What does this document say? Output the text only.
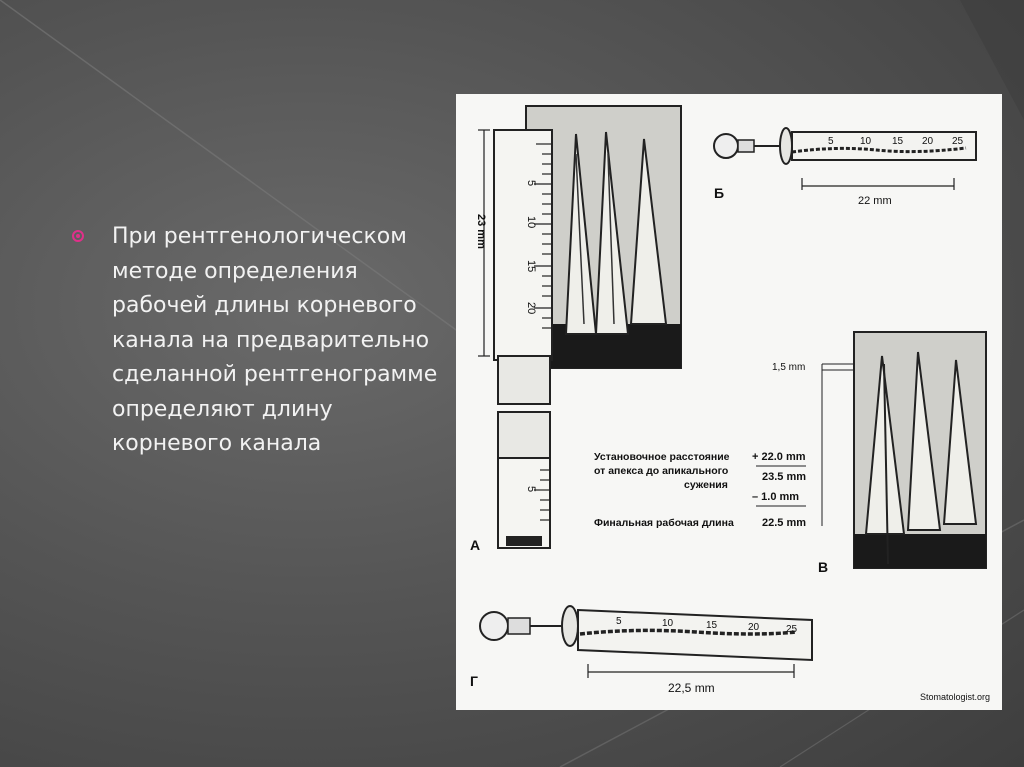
При рентгенологическом методе определения рабочей длины корневого канала на предварительно сделанной рентгенограмме определяют длину корневого канала

5
10
15
20
23 mm
5
А
5	10 15 20 25
22 mm
Б
1,5 mm
Установочное расстояние
от апекса до апикального
сужения
+ 22.0 mm
23.5 mm
– 1.0 mm
Финальная рабочая длина	22.5 mm
В
5	10	15	20	25
22,5 mm
Г
Stomatologist.org
